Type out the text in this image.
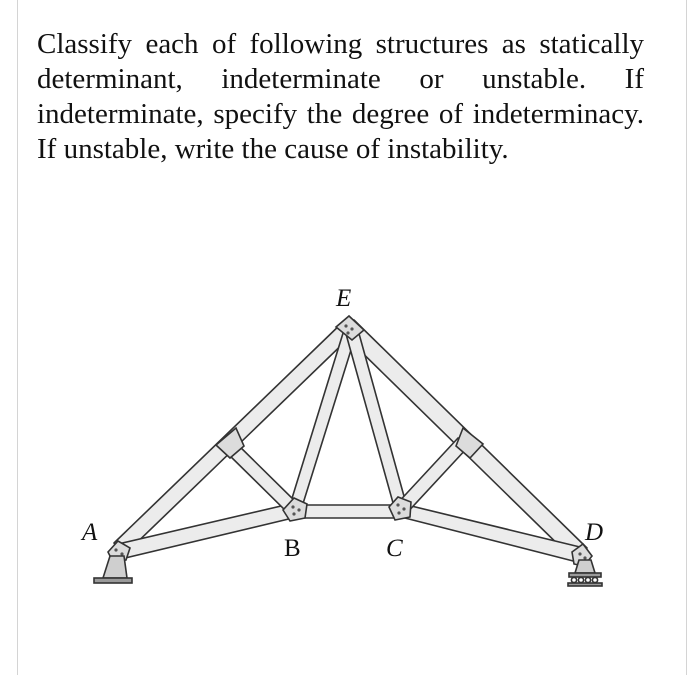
Classify each of following structures as statically determinant, indeterminate or unstable. If indeterminate, specify the degree of indeterminacy. If unstable, write the cause of instability.
E
A
B	C
D
